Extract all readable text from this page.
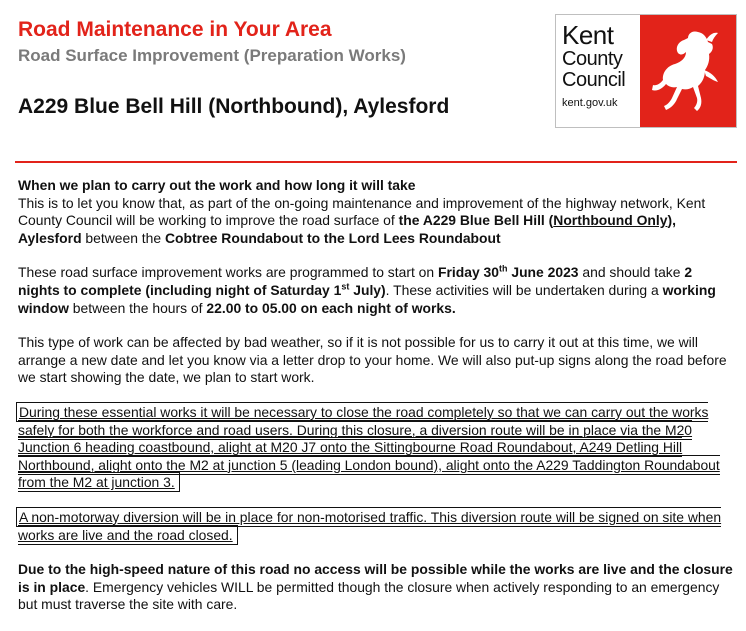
Road Maintenance in Your Area
Road Surface Improvement (Preparation Works)
A229 Blue Bell Hill (Northbound), Aylesford
Kent
County
Council
kent.gov.uk
When we plan to carry out the work and how long it will take

This is to let you know that, as part of the on-going maintenance and improvement of the highway network, Kent County Council will be working to improve the road surface of the A229 Blue Bell Hill (Northbound Only), Aylesford between the Cobtree Roundabout to the Lord Lees Roundabout

These road surface improvement works are programmed to start on Friday 30th June 2023 and should take 2 nights to complete (including night of Saturday 1st July). These activities will be undertaken during a working window between the hours of 22.00 to 05.00 on each night of works.

This type of work can be affected by bad weather, so if it is not possible for us to carry it out at this time, we will arrange a new date and let you know via a letter drop to your home. We will also put-up signs along the road before we start showing the date, we plan to start work.

During these essential works it will be necessary to close the road completely so that we can carry out the works safely for both the workforce and road users. During this closure, a diversion route will be in place via the M20 Junction 6 heading coastbound, alight at M20 J7 onto the Sittingbourne Road Roundabout, A249 Detling Hill Northbound, alight onto the M2 at junction 5 (leading London bound), alight onto the A229 Taddington Roundabout from the M2 at junction 3.

A non-motorway diversion will be in place for non-motorised traffic. This diversion route will be signed on site when works are live and the road closed.

Due to the high-speed nature of this road no access will be possible while the works are live and the closure is in place. Emergency vehicles WILL be permitted though the closure when actively responding to an emergency but must traverse the site with care.
